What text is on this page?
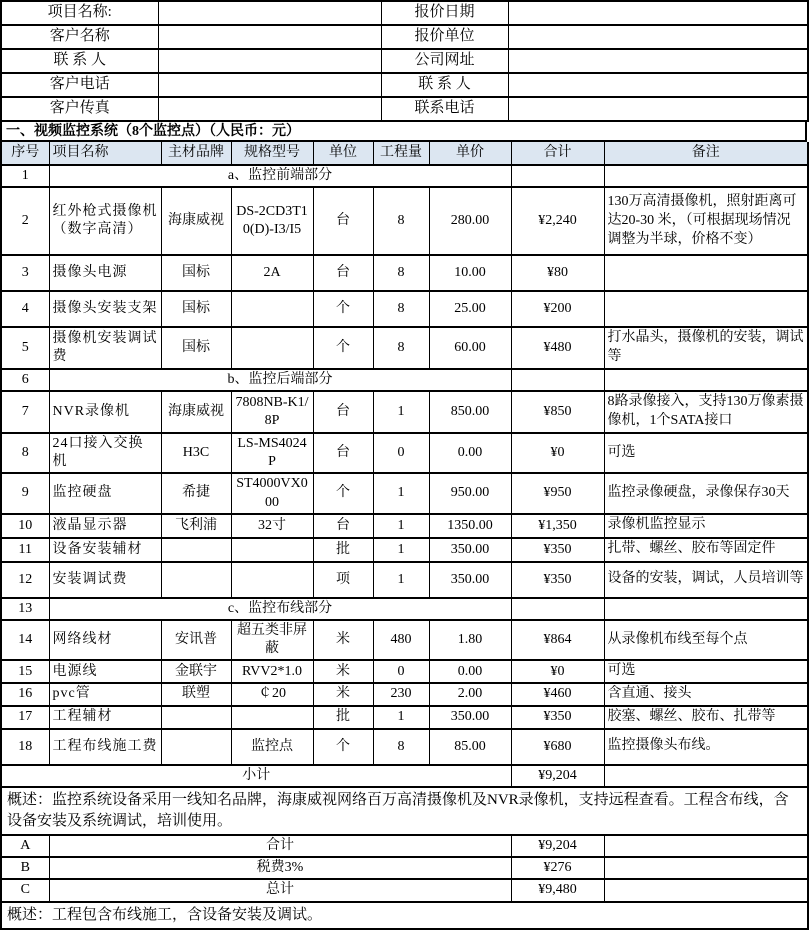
项目名称:		报价日期	
客户名称		报价单位	
联 系 人		公司网址	
客户电话		联 系 人	
客户传真		联系电话	
一、视频监控系统（8个监控点）（人民币：元）
序号	项目名称	主材品牌	规格型号	单位	工程量	单价	合计	备注
1	a、监控前端部分							
2	红外枪式摄像机（数字高清）	海康威视	DS-2CD3T10(D)-I3/I5	台	8	280.00	¥2,240	130万高清摄像机，照射距离可达20-30 米，（可根据现场情况调整为半球，价格不变）
3	摄像头电源	国标	2A	台	8	10.00	¥80	
4	摄像头安装支架	国标		个	8	25.00	¥200	
5	摄像机安装调试费	国标		个	8	60.00	¥480	打水晶头，摄像机的安装，调试等
6	b、监控后端部分							
7	NVR录像机	海康威视	7808NB-K1/8P	台	1	850.00	¥850	8路录像接入，支持130万像素摄像机，1个SATA接口
8	24口接入交换机	H3C	LS-MS4024P	台	0	0.00	¥0	可选
9	监控硬盘	希捷	ST4000VX000	个	1	950.00	¥950	监控录像硬盘，录像保存30天
10	液晶显示器	飞利浦	32寸	台	1	1350.00	¥1,350	录像机监控显示
11	设备安装辅材			批	1	350.00	¥350	扎带、螺丝、胶布等固定件
12	安装调试费			项	1	350.00	¥350	设备的安装，调试，人员培训等
13	c、监控布线部分							
14	网络线材	安讯普	超五类非屏蔽	米	480	1.80	¥864	从录像机布线至每个点
15	电源线	金联宇	RVV2*1.0	米	0	0.00	¥0	可选
16	pvc管	联塑	￠20	米	230	2.00	¥460	含直通、接头
17	工程辅材			批	1	350.00	¥350	胶塞、螺丝、胶布、扎带等
18	工程布线施工费		监控点	个	8	85.00	¥680	监控摄像头布线。
小计							¥9,204	
概述：监控系统设备采用一线知名品牌，海康威视网络百万高清摄像机及NVR录像机，支持远程查看。工程含布线，含设备安装及系统调试，培训使用。								
A	合计						¥9,204	
B	税费3%						¥276	
C	总计						¥9,480	
概述：工程包含布线施工，含设备安装及调试。								
